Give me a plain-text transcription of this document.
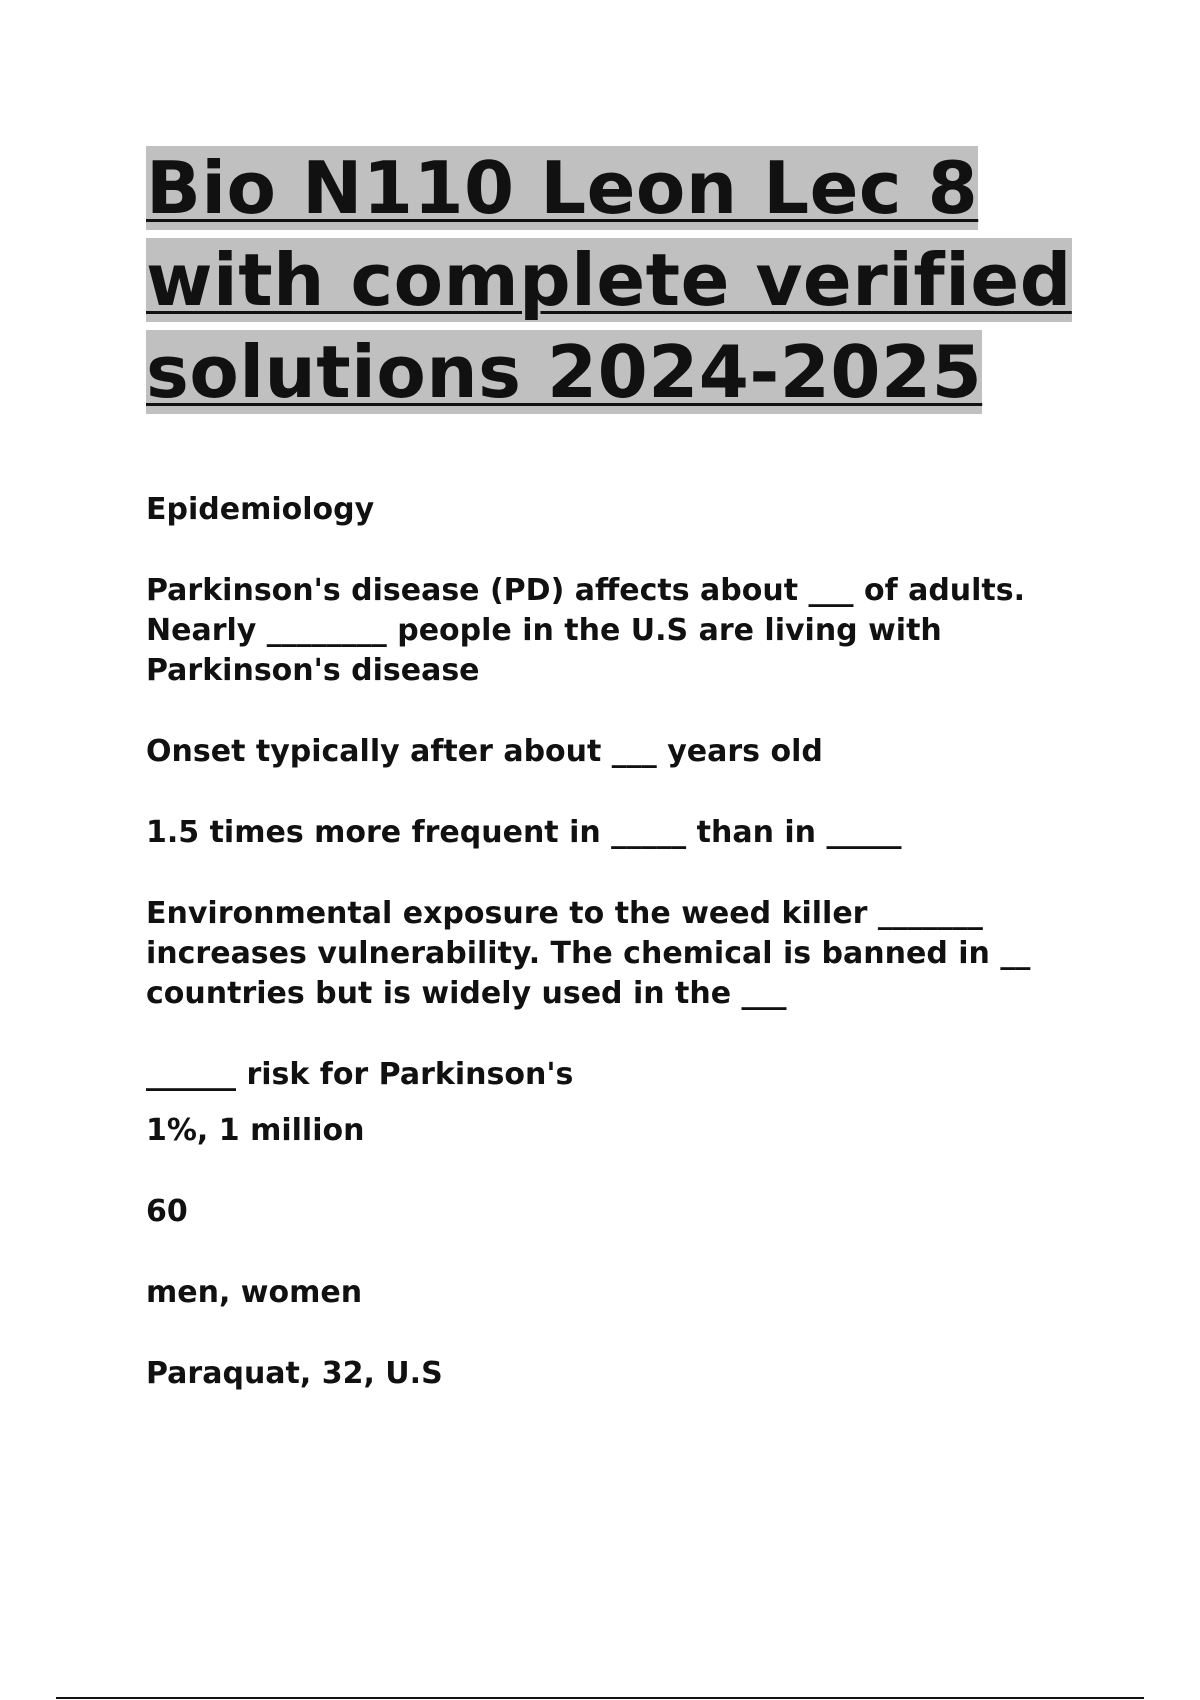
Bio N110 Leon Lec 8
with complete verified
solutions 2024-2025

Epidemiology

Parkinson's disease (PD) affects about ___ of adults. Nearly ________ people in the U.S are living with Parkinson's disease

Onset typically after about ___ years old

1.5 times more frequent in _____ than in _____

Environmental exposure to the weed killer _______ increases vulnerability. The chemical is banned in __ countries but is widely used in the ___

______ risk for Parkinson's

1%, 1 million

60

men, women

Paraquat, 32, U.S
